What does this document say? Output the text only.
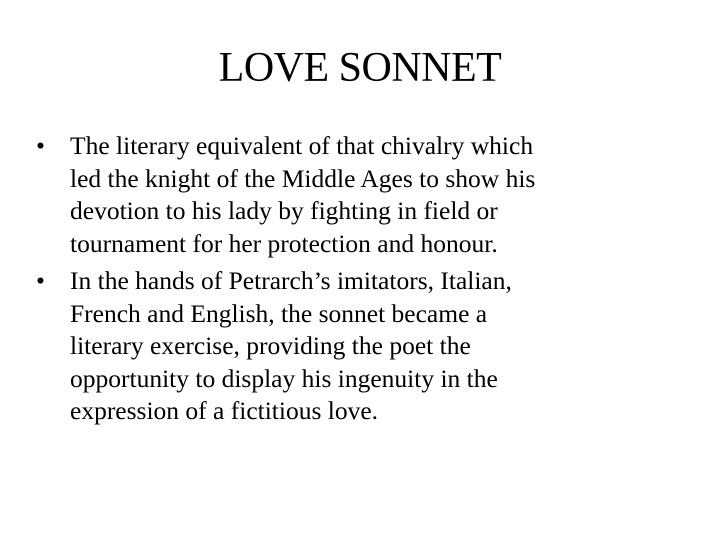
LOVE SONNET
• The literary equivalent of that chivalry which
led the knight of the Middle Ages to show his
devotion to his lady by fighting in field or
tournament for her protection and honour.
• In the hands of Petrarch’s imitators, Italian,
French and English, the sonnet became a
literary exercise, providing the poet the
opportunity to display his ingenuity in the
expression of a fictitious love.
